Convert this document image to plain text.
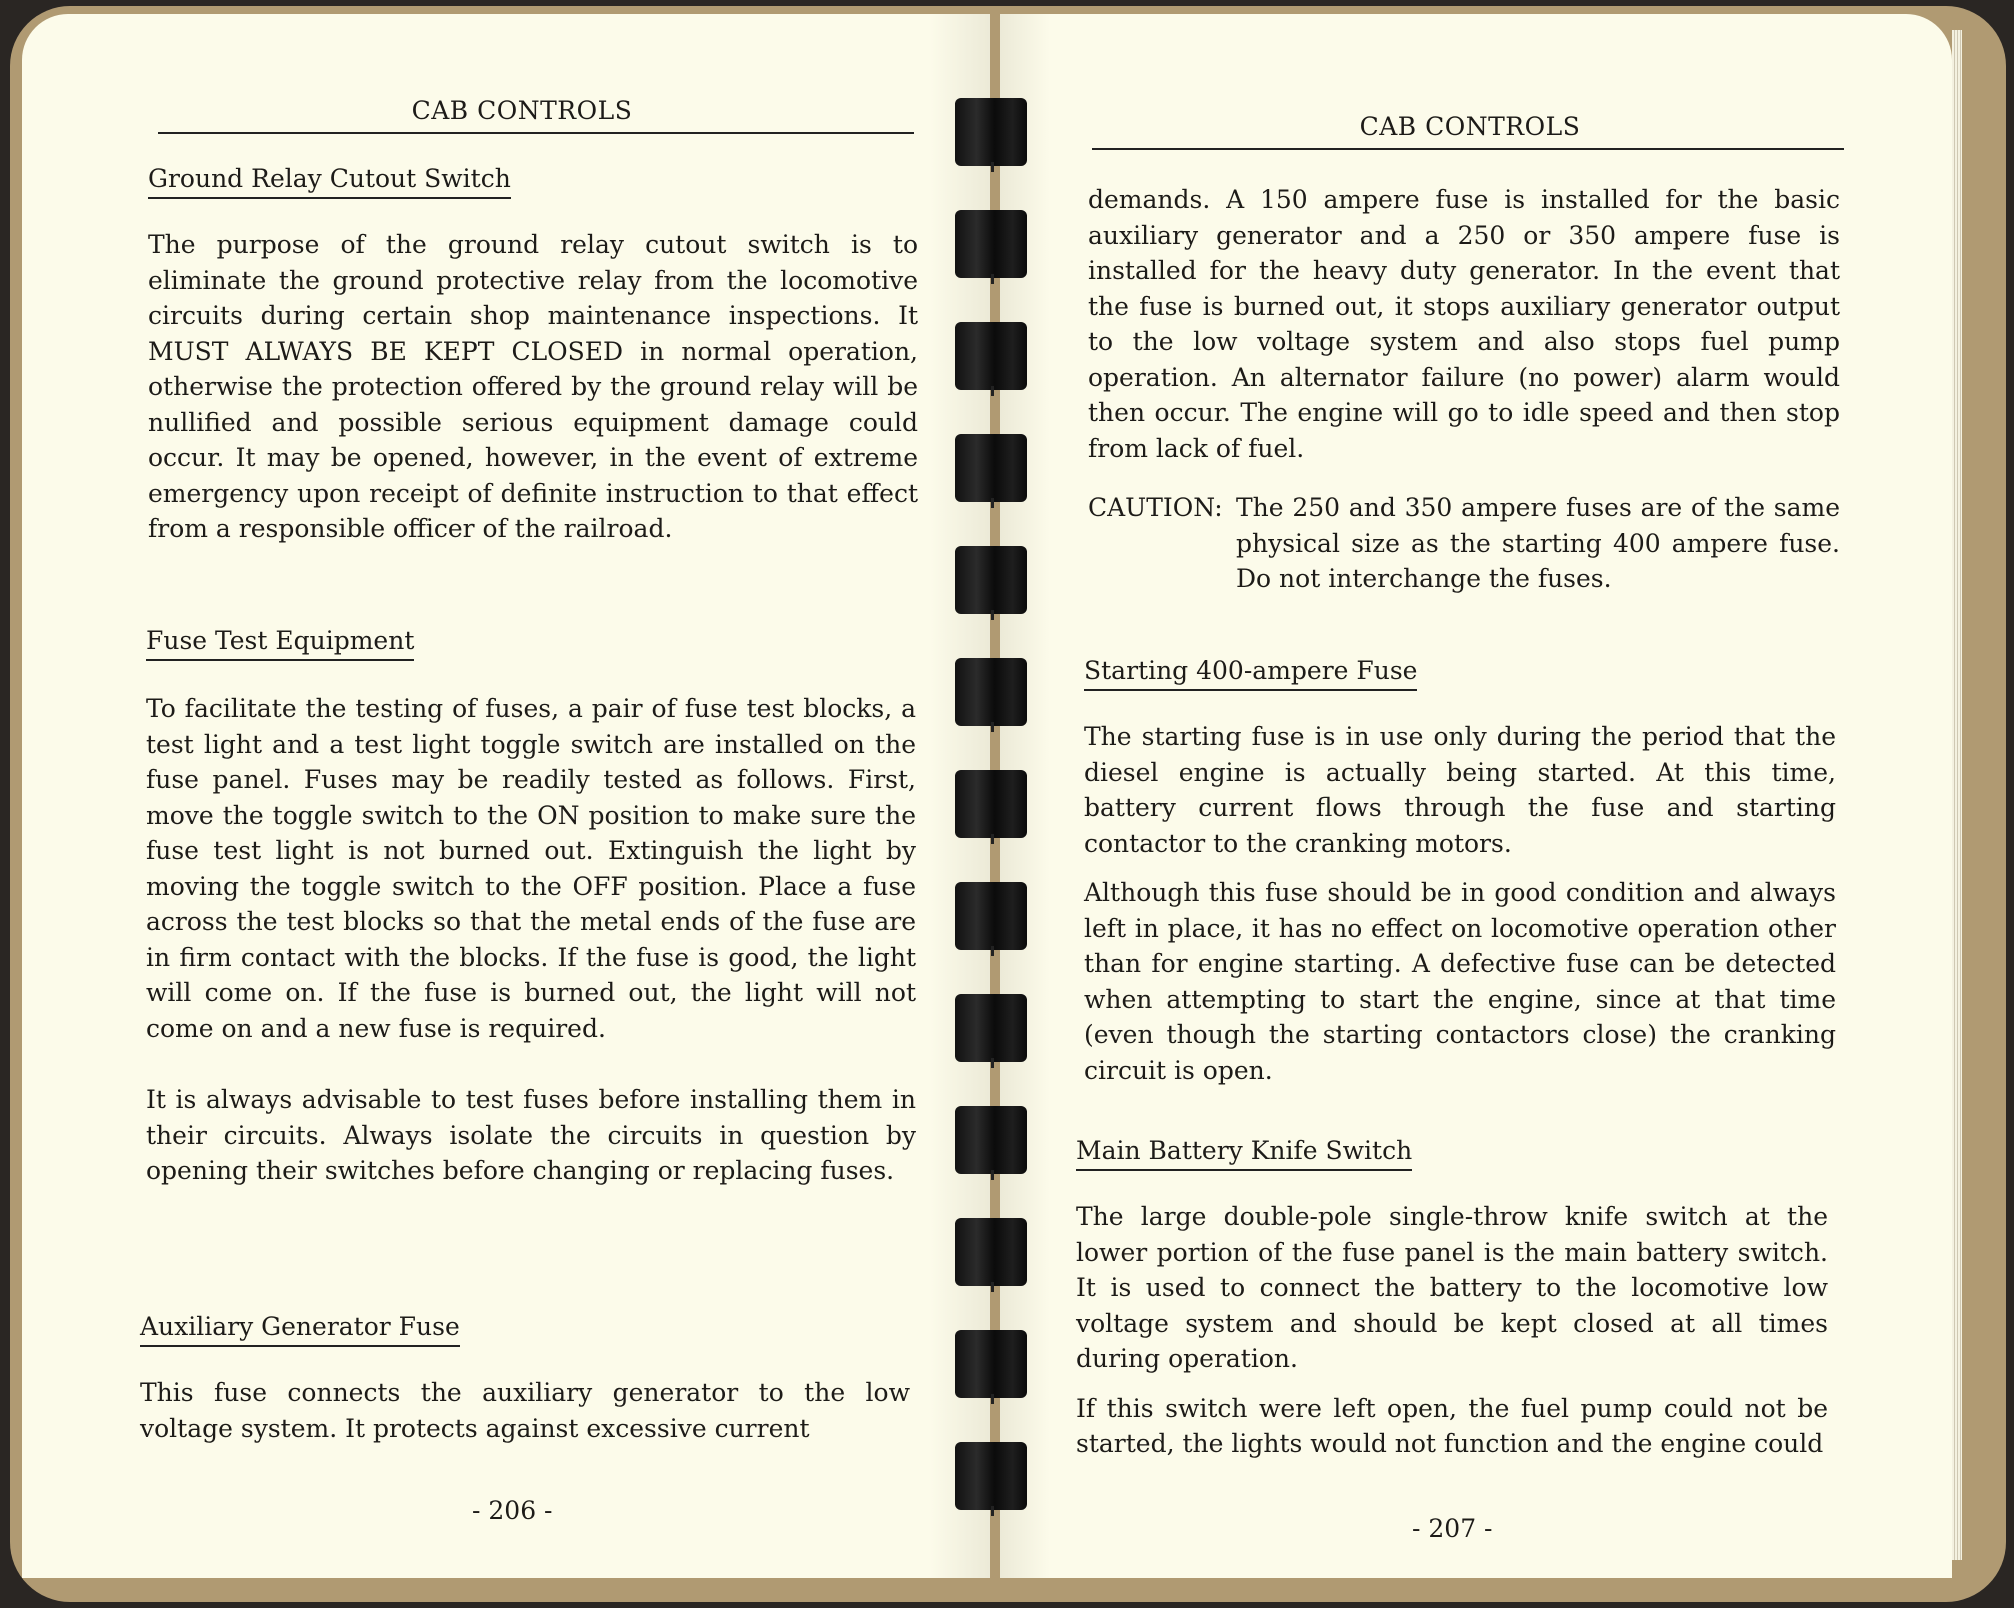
CAB CONTROLS
Ground Relay Cutout Switch

The purpose of the ground relay cutout switch is to eliminate the ground protective relay from the locomotive circuits during certain shop maintenance inspections. It MUST ALWAYS BE KEPT CLOSED in normal operation, otherwise the protection offered by the ground relay will be nullified and possible serious equipment damage could occur. It may be opened, however, in the event of extreme emergency upon receipt of definite instruction to that effect from a responsible officer of the railroad.

Fuse Test Equipment

To facilitate the testing of fuses, a pair of fuse test blocks, a test light and a test light toggle switch are installed on the fuse panel. Fuses may be readily tested as follows. First, move the toggle switch to the ON position to make sure the fuse test light is not burned out. Extinguish the light by moving the toggle switch to the OFF position. Place a fuse across the test blocks so that the metal ends of the fuse are in firm contact with the blocks. If the fuse is good, the light will come on. If the fuse is burned out, the light will not come on and a new fuse is required.

It is always advisable to test fuses before installing them in their circuits. Always isolate the circuits in question by opening their switches before changing or replacing fuses.

Auxiliary Generator Fuse

This fuse connects the auxiliary generator to the low voltage system. It protects against excessive current

- 206 -
CAB CONTROLS

demands. A 150 ampere fuse is installed for the basic auxiliary generator and a 250 or 350 ampere fuse is installed for the heavy duty generator. In the event that the fuse is burned out, it stops auxiliary generator output to the low voltage system and also stops fuel pump operation. An alternator failure (no power) alarm would then occur. The engine will go to idle speed and then stop from lack of fuel.

CAUTION: The 250 and 350 ampere fuses are of the same physical size as the starting 400 ampere fuse. Do not interchange the fuses.
Starting 400-ampere Fuse

The starting fuse is in use only during the period that the diesel engine is actually being started. At this time, battery current flows through the fuse and starting contactor to the cranking motors.

Although this fuse should be in good condition and always left in place, it has no effect on locomotive operation other than for engine starting. A defective fuse can be detected when attempting to start the engine, since at that time (even though the starting contactors close) the cranking circuit is open.

Main Battery Knife Switch

The large double-pole single-throw knife switch at the lower portion of the fuse panel is the main battery switch. It is used to connect the battery to the locomotive low voltage system and should be kept closed at all times during operation.

If this switch were left open, the fuel pump could not be started, the lights would not function and the engine could

- 207 -
